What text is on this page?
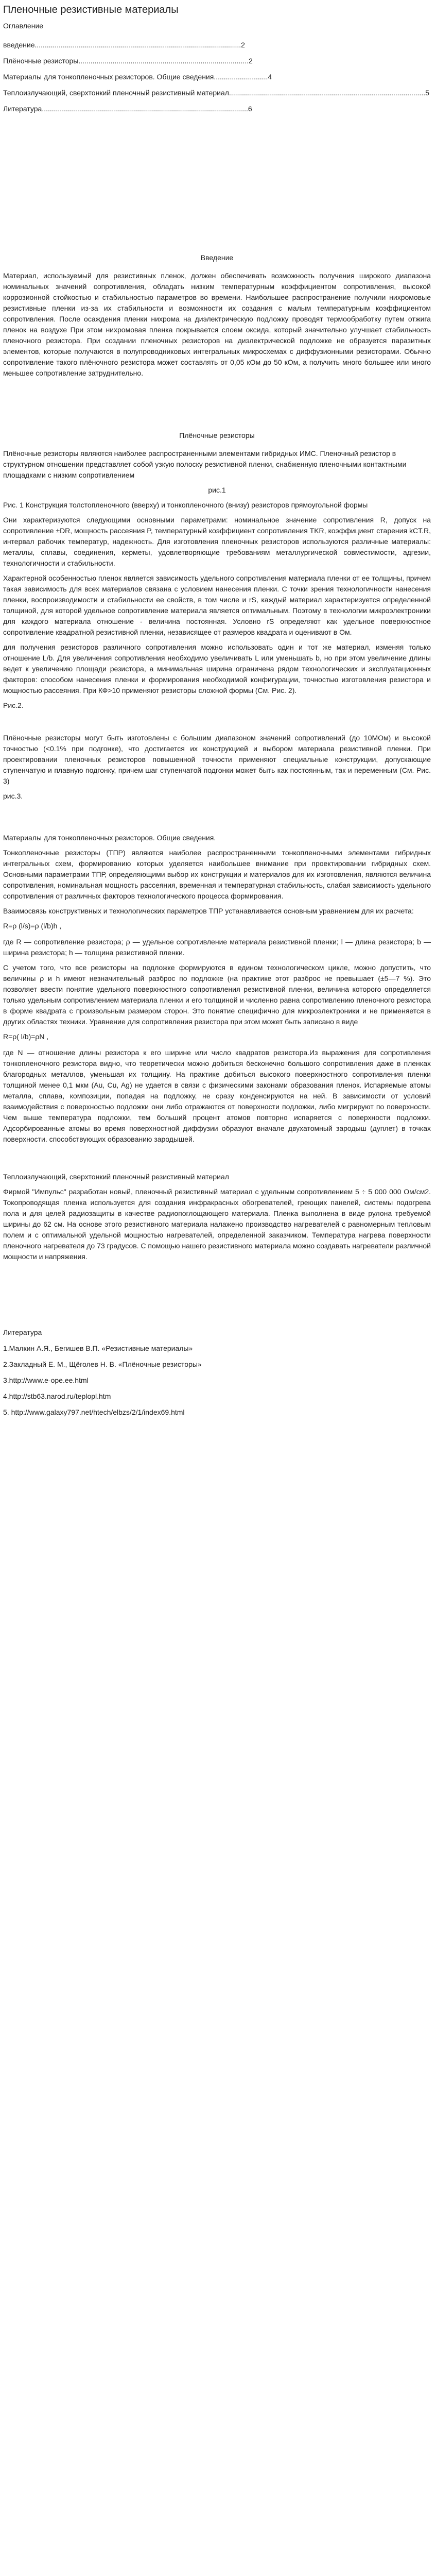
Пленочные резистивные материалы

Оглавление

введение.......................................................................................................2

Плёночные резисторы.....................................................................................2

Материалы для тонкопленочных резисторов. Общие сведения...........................4

Теплоизлучающий, сверхтонкий пленочный резистивный материал..................................................................................................5

Литература.......................................................................................................6

Введение

Материал, используемый для резистивных пленок, должен обеспечивать возможность получения широкого диапазона номинальных значений сопротивления, обладать низким температурным коэффициентом сопротивления, высокой коррозионной стойкостью и стабильностью параметров во времени. Наибольшее распространение получили нихромовые резистивные пленки из-за их стабильности и возможности их создания с малым температурным коэффициентом сопротивления. После осаждения пленки нихрома на диэлектрическую подложку проводят термообработку путем отжига пленок на воздухе При этом нихромовая пленка покрывается слоем оксида, который значительно улучшает стабильность пленочного резистора. При создании пленочных резисторов на диэлектрической подложке не образуется паразитных элементов, которые получаются в полупроводниковых интегральных микросхемах с диффузионными резисторами. Обычно сопротивление такого плёночного резистора может составлять от 0,05 кОм до 50 кОм, а получить много большее или много меньшее сопротивление затруднительно.

Плёночные резисторы

Плёночные резисторы являются наиболее распространенными элементами гибридных ИМС. Пленочный резистор в структурном отношении представляет собой узкую полоску резистивной пленки, снабженную пленочными контактными площадками с низким сопротивлением

рис.1

Рис. 1 Конструкция толстопленочного (вверху) и тонкопленочного (внизу) резисторов прямоугольной формы

Они характеризуются следующими основными параметрами: номинальное значение сопротивления R, допуск на сопротивление ±DR, мощность рассеяния P, температурный коэффициент сопротивления TKR, коэффициент старения kCT.R, интервал рабочих температур, надежность. Для изготовления пленочных резисторов используются различные материалы: металлы, сплавы, соединения, керметы, удовлетворяющие требованиям металлургической совместимости, адгезии, технологичности и стабильности.

Характерной особенностью пленок является зависимость удельного сопротивления материала пленки от ее толщины, причем такая зависимость для всех материалов связана с условием нанесения пленки. С точки зрения технологичности нанесения пленки, воспроизводимости и стабильности ее свойств, в том числе и rS, каждый материал характеризуется определенной толщиной, для которой удельное сопротивление материала является оптимальным. Поэтому в технологии микроэлектроники для каждого материала отношение - величина постоянная. Условно rS определяют как удельное поверхностное сопротивление квадратной резистивной пленки, независящее от размеров квадрата и оценивают в Ом.

для получения резисторов различного сопротивления можно использовать один и тот же материал, изменяя только отношение L/b. Для увеличения сопротивления необходимо увеличивать L или уменьшать b, но при этом увеличение длины ведет к увеличению площади резистора, а минимальная ширина ограничена рядом технологических и эксплуатационных факторов: способом нанесения пленки и формирования необходимой конфигурации, точностью изготовления резистора и мощностью рассеяния. При КФ>10 применяют резисторы сложной формы (См. Рис. 2).

Рис.2.

Плёночные резисторы могут быть изготовлены с большим диапазоном значений сопротивлений (до 10МОм) и высокой точностью (<0.1% при подгонке), что достигается их конструкцией и выбором материала резистивной пленки. При проектировании пленочных резисторов повышенной точности применяют специальные конструкции, допускающие ступенчатую и плавную подгонку, причем шаг ступенчатой подгонки может быть как постоянным, так и переменным (См. Рис. 3)

рис.3.

Материалы для тонкопленочных резисторов. Общие сведения.

Тонкопленочные резисторы (ТПР) являются наиболее распространенными тонкопленочными элементами гибридных интегральных схем, формированию которых уделяется наибольшее внимание при проектировании гибридных схем. Основными параметрами ТПР, определяющими выбор их конструкции и материалов для их изготовления, являются величина сопротивления, номинальная мощность рассеяния, временная и температурная стабильность, слабая зависимость удельного сопротивления от различных факторов технологического процесса формирования.

Взаимосвязь конструктивных и технологических параметров ТПР устанавливается основным уравнением для их расчета:

R=ρ (l/s)=ρ (l/b)h ,

где R — сопротивление резистора; ρ — удельное сопротивление материала резистивной пленки; l — длина резистора; b — ширина резистора; h — толщина резистивной пленки.

С учетом того, что все резисторы на подложке формируются в едином технологическом цикле, можно допустить, что величины ρ и h имеют незначительный разброс по подложке (на практике этот разброс не превышает (±5—7 %). Это позволяет ввести понятие удельного поверхностного сопротивления резистивной пленки, величина которого определяется только удельным сопротивлением материала пленки и его толщиной и численно равна сопротивлению пленочного резистора в форме квадрата с произвольным размером сторон. Это понятие специфично для микроэлектроники и не применяется в других областях техники. Уравнение для сопротивления резистора при этом может быть записано в виде

R=ρ( l/b)=ρN ,

где N — отношение длины резистора к его ширине или число квадратов резистора.Из выражения для сопротивления тонкопленочного резистора видно, что теоретически можно добиться бесконечно большого сопротивления даже в пленках благородных металлов, уменьшая их толщину. На практике добиться высокого поверхностного сопротивления пленки толщиной менее 0,1 мкм (Au, Cu, Ag) не удается в связи с физическими законами образования пленок. Испаряемые атомы металла, сплава, композиции, попадая на подложку, не сразу конденсируются на ней. В зависимости от условий взаимодействия с поверхностью подложки они либо отражаются от поверхности подложки, либо мигрируют по поверхности. Чем выше температура подложки, тем больший процент атомов повторно испаряется с поверхности подложки. Адсорбированные атомы во время поверхностной диффузии образуют вначале двухатомный зародыш (дуплет) в точках поверхности. способствующих образованию зародышей.

Теплоизлучающий, сверхтонкий пленочный резистивный материал

Фирмой "Импульс" разработан новый, пленочный резистивный материал с удельным сопротивлением 5 ÷ 5 000 000 Ом/см2. Токопроводящая пленка используется для создания инфракрасных обогревателей, греющих панелей, системы подогрева пола и для целей радиозащиты в качестве радиопоглощающего материала. Пленка выполнена в виде рулона требуемой ширины до 62 см. На основе этого резистивного материала налажено производство нагревателей с равномерным тепловым полем и с оптимальной удельной мощностью нагревателей, определенной заказчиком. Температура нагрева поверхности пленочного нагревателя до 73 градусов. С помощью нашего резистивного материала можно создавать нагреватели различной мощности и напряжения.

Литература

1.Малкин А.Я., Бегишев В.П. «Резистивные материалы»

2.Закладный Е. М., Щёголев Н. В. «Плёночные резисторы»

3.http://www.e-ope.ee.html

4.http://stb63.narod.ru/teplopl.htm

5. http://www.galaxy797.net/htech/elbzs/2/1/index69.html
